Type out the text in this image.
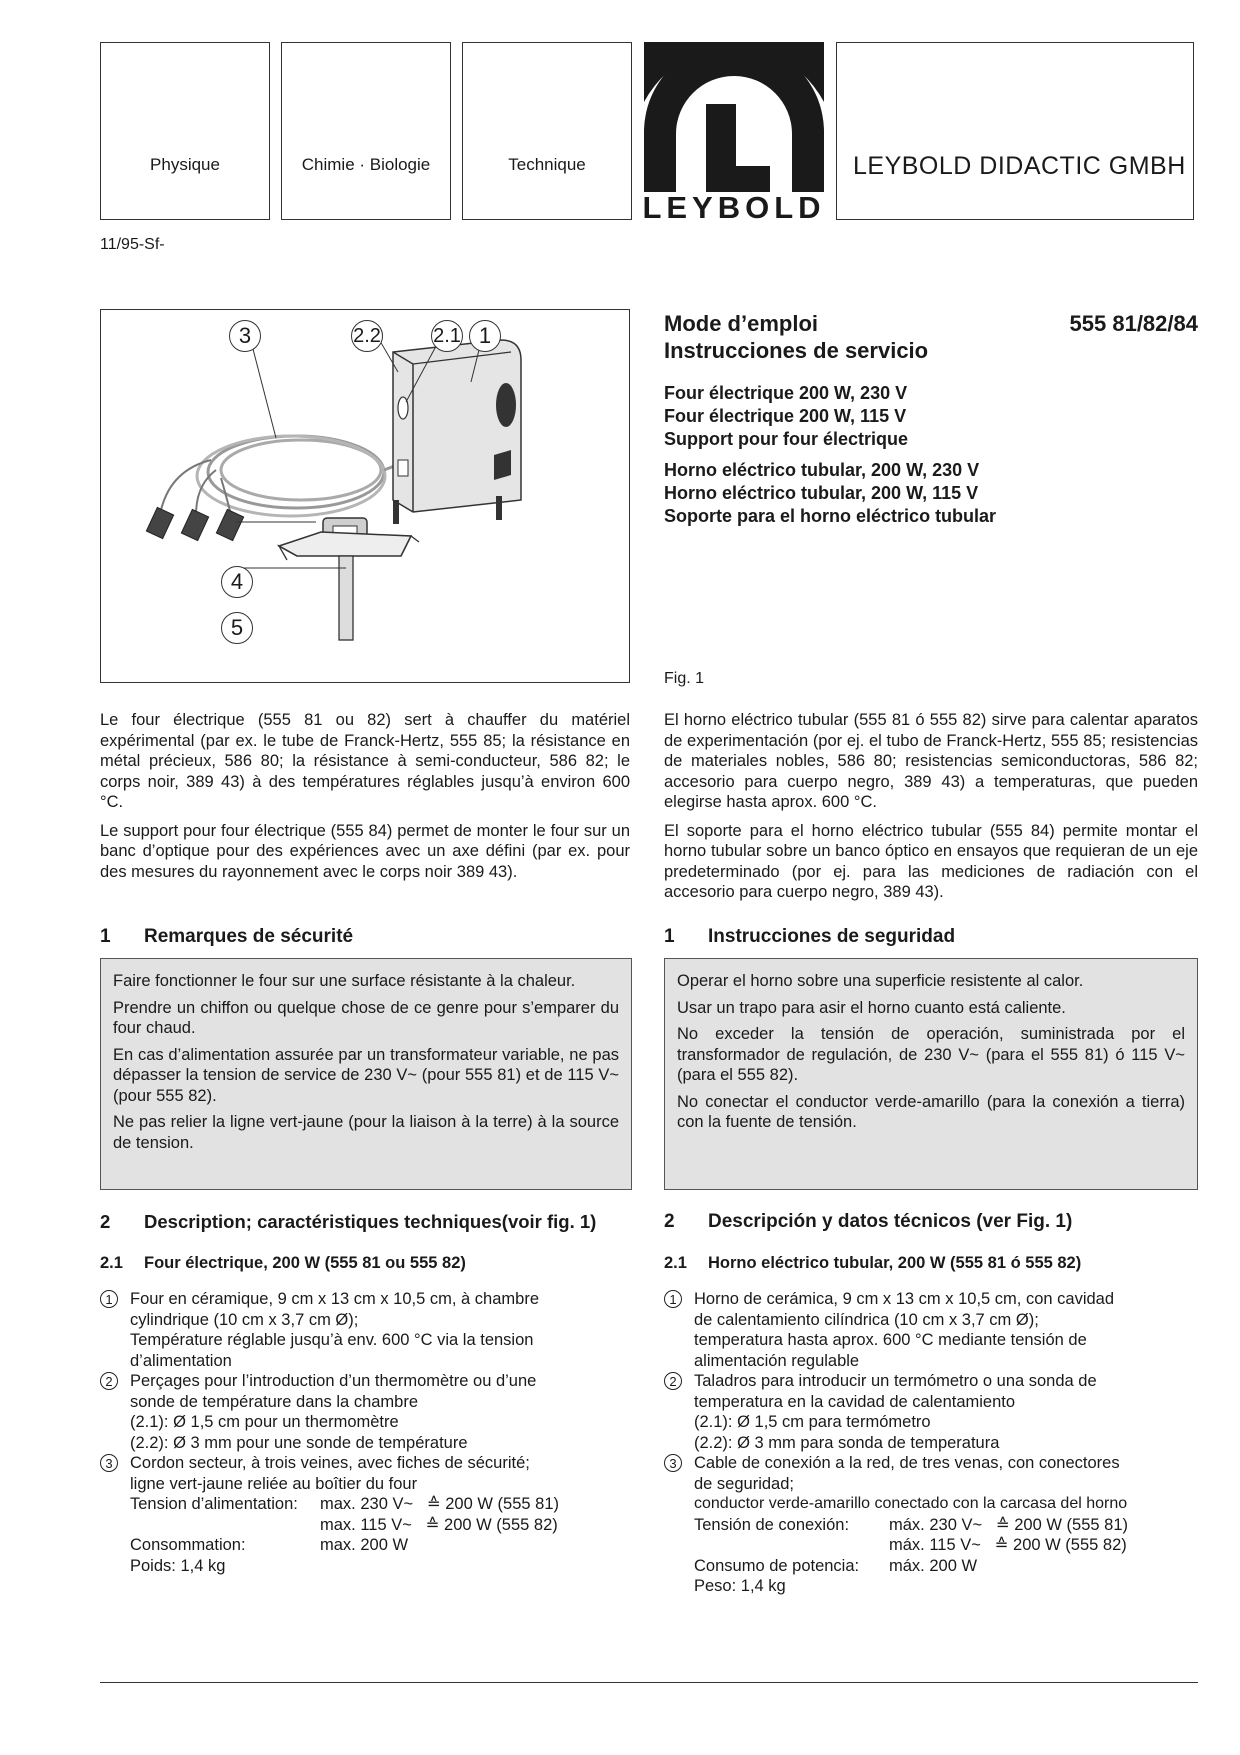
Physique	Chimie · Biologie	Technique
LEYBOLD
LEYBOLD DIDACTIC GMBH
11/95-Sf-
3	2.2	2.1 1
4
5
Mode d’emploi
Instrucciones de servicio
555 81/82/84
Four électrique 200 W, 230 V
Four électrique 200 W, 115 V
Support pour four électrique
Horno eléctrico tubular, 200 W, 230 V
Horno eléctrico tubular, 200 W, 115 V
Soporte para el horno eléctrico tubular
Fig. 1

Le four électrique (555 81 ou 82) sert à chauffer du matériel expérimental (par ex. le tube de Franck-Hertz, 555 85; la résistance en métal précieux, 586 80; la résistance à semi-conducteur, 586 82; le corps noir, 389 43) à des températures réglables jusqu’à environ 600 °C.

Le support pour four électrique (555 84) permet de monter le four sur un banc d’optique pour des expériences avec un axe défini (par ex. pour des mesures du rayonnement avec le corps noir 389 43).

El horno eléctrico tubular (555 81 ó 555 82) sirve para calentar aparatos de experimentación (por ej. el tubo de Franck-Hertz, 555 85; resistencias de materiales nobles, 586 80; resistencias semiconductoras, 586 82; accesorio para cuerpo negro, 389 43) a temperaturas, que pueden elegirse hasta aprox. 600 °C.

El soporte para el horno eléctrico tubular (555 84) permite montar el horno tubular sobre un banco óptico en ensayos que requieran de un eje predeterminado (por ej. para las mediciones de radiación con el accesorio para cuerpo negro, 389 43).

1 Remarques de sécurité	1 Instrucciones de seguridad

Faire fonctionner le four sur une surface résistante à la chaleur.

Prendre un chiffon ou quelque chose de ce genre pour s’emparer du four chaud.

En cas d’alimentation assurée par un transformateur variable, ne pas dépasser la tension de service de 230 V~ (pour 555 81) et de 115 V~ (pour 555 82).

Ne pas relier la ligne vert-jaune (pour la liaison à la terre) à la source de tension.

Operar el horno sobre una superficie resistente al calor.

Usar un trapo para asir el horno cuanto está caliente.

No exceder la tensión de operación, suministrada por el transformador de regulación, de 230 V~ (para el 555 81) ó 115 V~ (para el 555 82).

No conectar el conductor verde-amarillo (para la conexión a tierra) con la fuente de tensión.

2 Description; caractéristiques techniques(voir fig. 1)	2 Descripción y datos técnicos (ver Fig. 1)
2.1 Four électrique, 200 W (555 81 ou 555 82)	2.1 Horno eléctrico tubular, 200 W (555 81 ó 555 82)
1	Four en céramique, 9 cm x 13 cm x 10,5 cm, à chambre
cylindrique (10 cm x 3,7 cm Ø);
Température réglable jusqu’à env. 600 °C via la tension
d’alimentation
2	Perçages pour l’introduction d’un thermomètre ou d’une
sonde de température dans la chambre
(2.1): Ø 1,5 cm pour un thermomètre
(2.2): Ø 3 mm pour une sonde de température
3	Cordon secteur, à trois veines, avec fiches de sécurité;
ligne vert-jaune reliée au boîtier du four
Tension d’alimentation:	max. 230 V~   ≙ 200 W (555 81)
max. 115 V~   ≙ 200 W (555 82)
Consommation:	max. 200 W
Poids: 1,4 kg
1	Horno de cerámica, 9 cm x 13 cm x 10,5 cm, con cavidad
de calentamiento cilíndrica (10 cm x 3,7 cm Ø);
temperatura hasta aprox. 600 °C mediante tensión de
alimentación regulable
2	Taladros para introducir un termómetro o una sonda de
temperatura en la cavidad de calentamiento
(2.1): Ø 1,5 cm para termómetro
(2.2): Ø 3 mm para sonda de temperatura
3	Cable de conexión a la red, de tres venas, con conectores
de seguridad;
conductor verde-amarillo conectado con la carcasa del horno
Tensión de conexión:	máx. 230 V~   ≙ 200 W (555 81)
máx. 115 V~   ≙ 200 W (555 82)
Consumo de potencia:	máx. 200 W
Peso: 1,4 kg
